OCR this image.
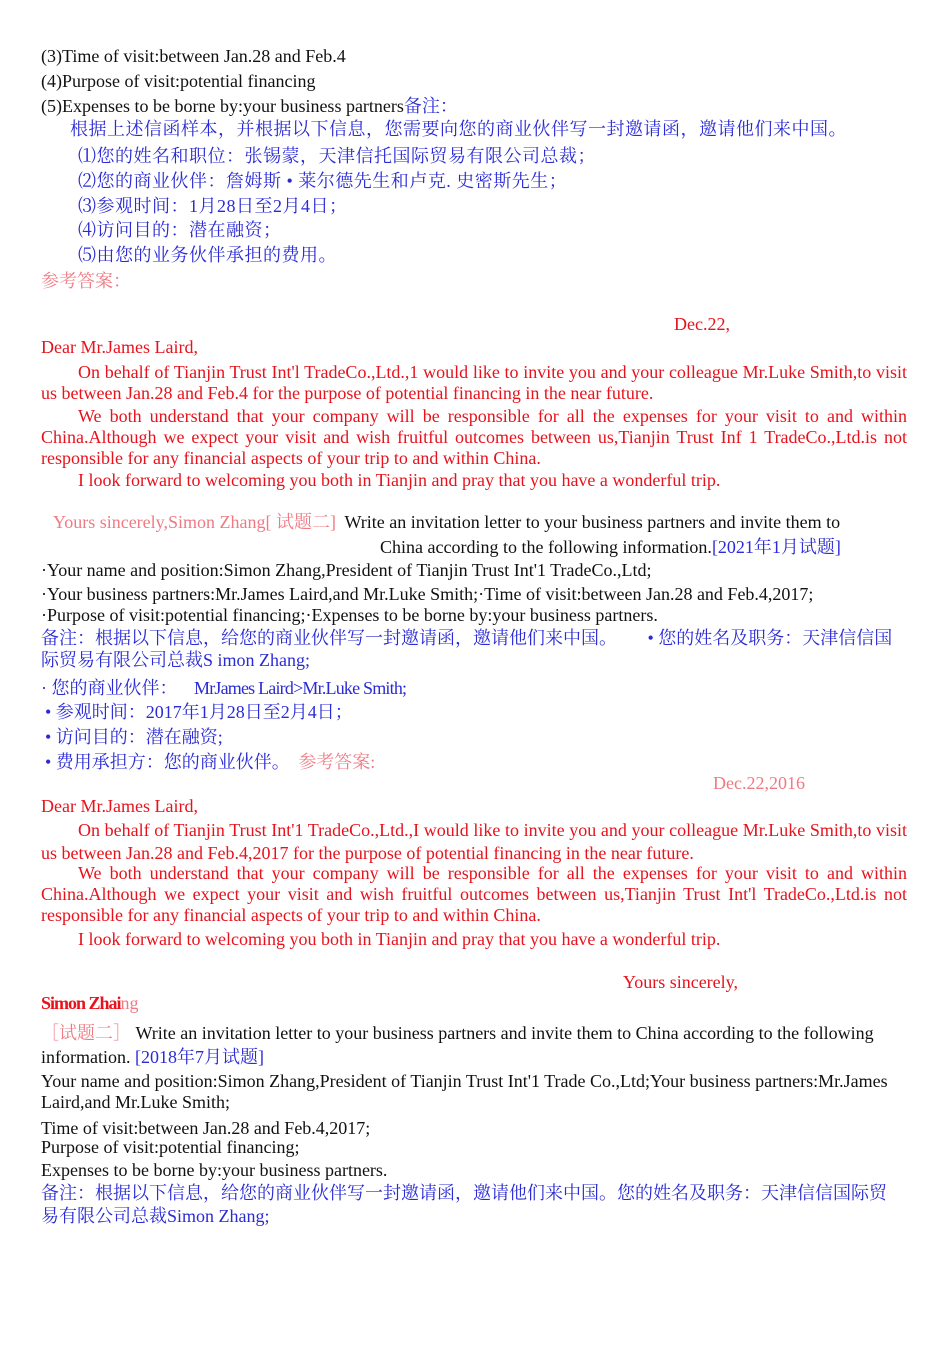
(3)Time of visit:between Jan.28 and Feb.4
(4)Purpose of visit:potential financing
(5)Expenses to be borne by:your business partners备注：
根据上述信函样本，并根据以下信息，您需要向您的商业伙伴写一封邀请函，邀请他们来中国。
⑴您的姓名和职位：张锡蒙，天津信托国际贸易有限公司总裁；
⑵您的商业伙伴：詹姆斯 • 莱尔德先生和卢克. 史密斯先生；
⑶参观时间：1月28日至2月4日；
⑷访问目的：潜在融资；
⑸由您的业务伙伴承担的费用。
参考答案：
Dec.22,
Dear Mr.James Laird,
On behalf of Tianjin Trust Int'l TradeCo.,Ltd.,1 would like to invite you and your colleague Mr.Luke Smith,to visit us between Jan.28 and Feb.4 for the purpose of potential financing in the near future.
We both understand that your company will be responsible for all the expenses for your visit to and within China.Although we expect your visit and wish fruitful outcomes between us,Tianjin Trust Inf 1 TradeCo.,Ltd.is not responsible for any financial aspects of your trip to and within China.
I look forward to welcoming you both in Tianjin and pray that you have a wonderful trip.
Yours sincerely,Simon Zhang[ 试题二] Write an invitation letter to your business partners and invite them to
China according to the following information.[2021年1月试题]
·Your name and position:Simon Zhang,President of Tianjin Trust Int'1 TradeCo.,Ltd;
·Your business partners:Mr.James Laird,and Mr.Luke Smith;·Time of visit:between Jan.28 and Feb.4,2017;
·Purpose of visit:potential financing;·Expenses to be borne by:your business partners.
备注：根据以下信息，给您的商业伙伴写一封邀请函，邀请他们来中国。 • 您的姓名及职务：天津信信国
际贸易有限公司总裁S imon Zhang;
· 您的商业伙伴： MrJames Laird>Mr.Luke Smith;
• 参观时间：2017年1月28日至2月4日；
• 访问目的：潜在融资;
• 费用承担方：您的商业伙伴。 参考答案:
Dec.22,2016
Dear Mr.James Laird,
On behalf of Tianjin Trust Int'1 TradeCo.,Ltd.,I would like to invite you and your colleague Mr.Luke Smith,to visit us between Jan.28 and Feb.4,2017 for the purpose of potential financing in the near future.
We both understand that your company will be responsible for all the expenses for your visit to and within China.Although we expect your visit and wish fruitful outcomes between us,Tianjin Trust Int'l TradeCo.,Ltd.is not responsible for any financial aspects of your trip to and within China.
I look forward to welcoming you both in Tianjin and pray that you have a wonderful trip.
Yours sincerely,
Simon Zhaing
［试题二］ Write an invitation letter to your business partners and invite them to China according to the following information. [2018年7月试题]
Your name and position:Simon Zhang,President of Tianjin Trust Int'1 Trade Co.,Ltd;Your business partners:Mr.James Laird,and Mr.Luke Smith;
Time of visit:between Jan.28 and Feb.4,2017;
Purpose of visit:potential financing;
Expenses to be borne by:your business partners.
备注：根据以下信息，给您的商业伙伴写一封邀请函，邀请他们来中国。您的姓名及职务：天津信信国际贸易有限公司总裁Simon Zhang;
